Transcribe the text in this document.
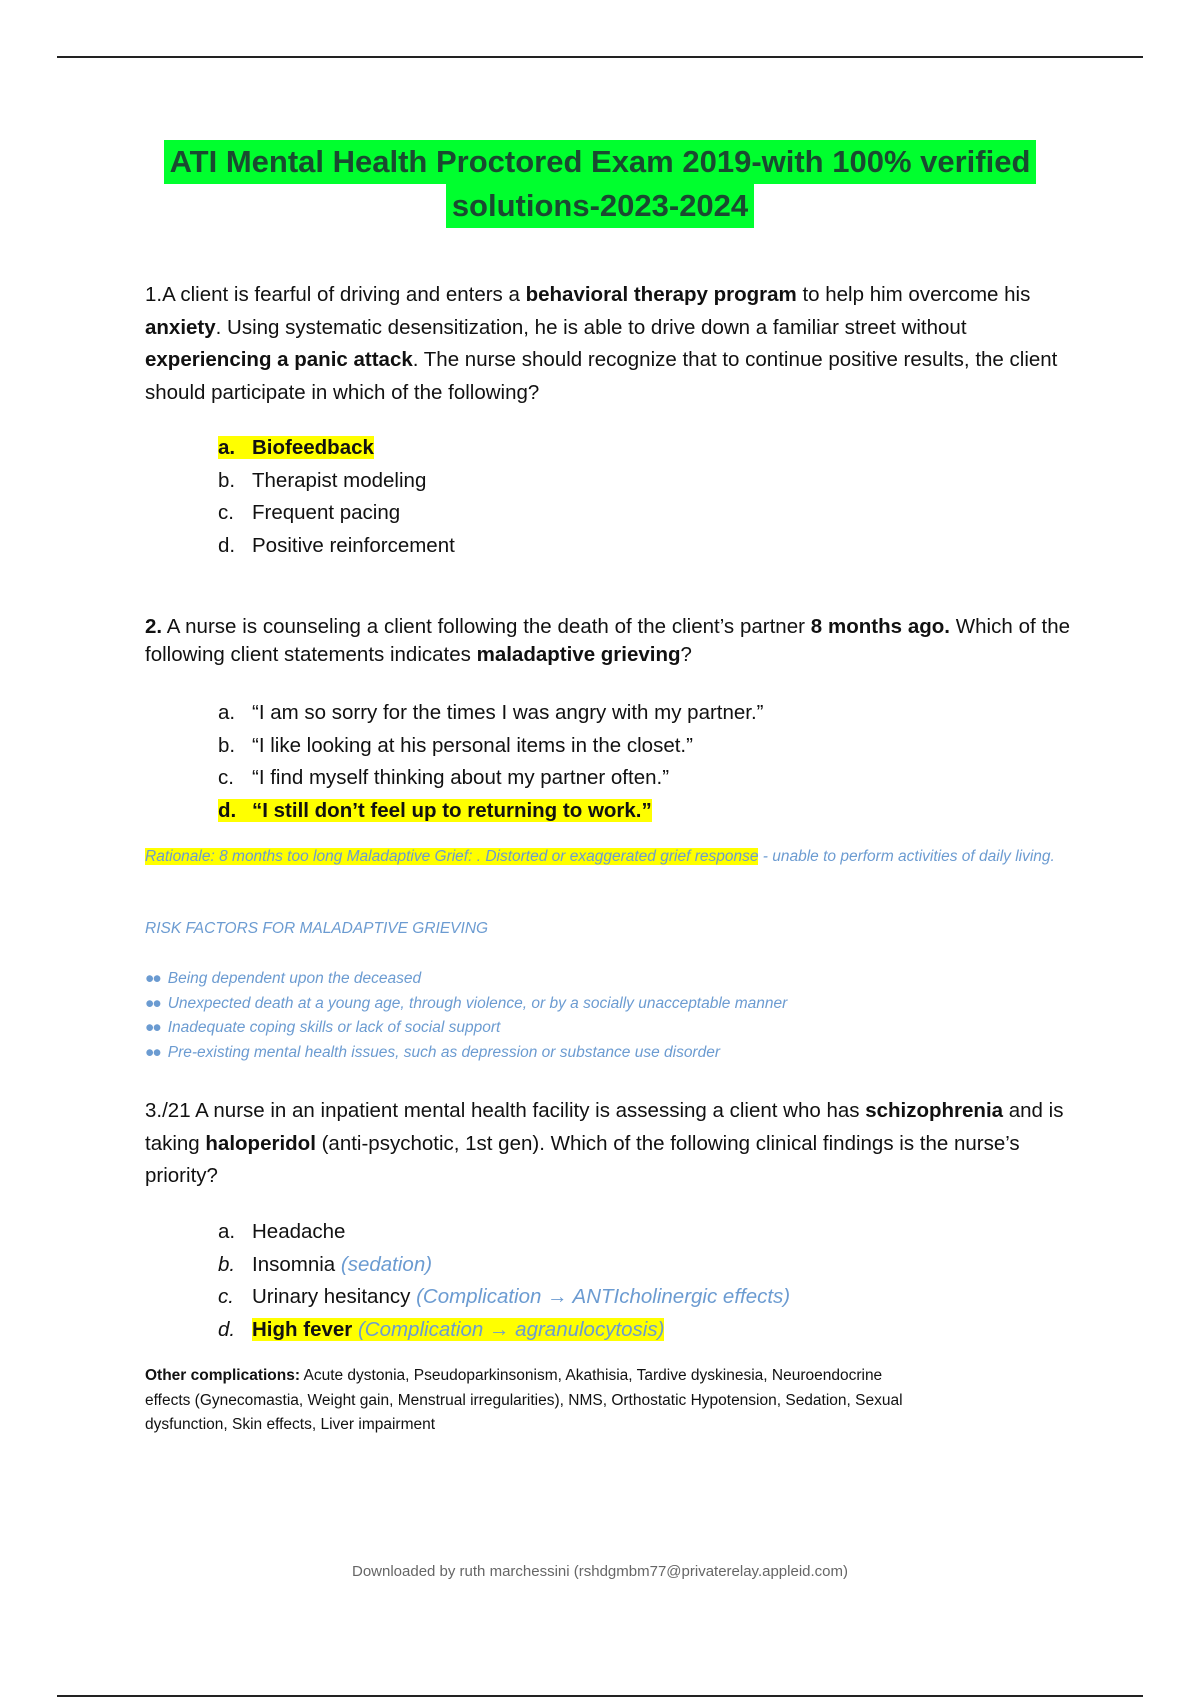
ATI Mental Health Proctored Exam 2019-with 100% verified
solutions-2023-2024
1.A client is fearful of driving and enters a behavioral therapy program to help him overcome his anxiety. Using systematic desensitization, he is able to drive down a familiar street without experiencing a panic attack. The nurse should recognize that to continue positive results, the client should participate in which of the following?
a. Biofeedback
b. Therapist modeling
c. Frequent pacing
d. Positive reinforcement
2. A nurse is counseling a client following the death of the client’s partner 8 months ago. Which of the following client statements indicates maladaptive grieving?
a. “I am so sorry for the times I was angry with my partner.”
b. “I like looking at his personal items in the closet.”
c. “I find myself thinking about my partner often.”
d. “I still don’t feel up to returning to work.”
Rationale: 8 months too long Maladaptive Grief: . Distorted or exaggerated grief response - unable to perform activities of daily living.
RISK FACTORS FOR MALADAPTIVE GRIEVING
●● Being dependent upon the deceased
●● Unexpected death at a young age, through violence, or by a socially unacceptable manner
●● Inadequate coping skills or lack of social support
●● Pre-existing mental health issues, such as depression or substance use disorder
3./21 A nurse in an inpatient mental health facility is assessing a client who has schizophrenia and is taking haloperidol (anti-psychotic, 1st gen). Which of the following clinical findings is the nurse’s priority?
a. Headache
b. Insomnia (sedation)
c. Urinary hesitancy (Complication → ANTIcholinergic effects)
d. High fever (Complication → agranulocytosis)
Other complications: Acute dystonia, Pseudoparkinsonism, Akathisia, Tardive dyskinesia, Neuroendocrine effects (Gynecomastia, Weight gain, Menstrual irregularities), NMS, Orthostatic Hypotension, Sedation, Sexual dysfunction, Skin effects, Liver impairment
Downloaded by ruth marchessini (rshdgmbm77@privaterelay.appleid.com)
